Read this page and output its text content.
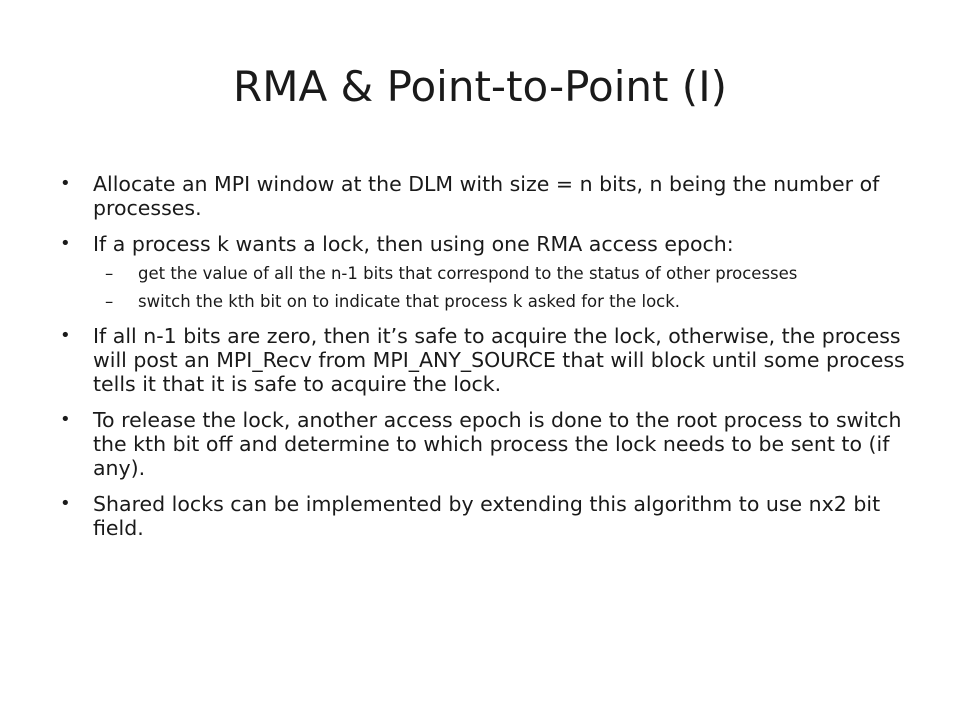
RMA & Point-to-Point (I)
• Allocate an MPI window at the DLM with size = n bits, n being the number of processes.
• If a process k wants a lock, then using one RMA access epoch:
– get the value of all the n-1 bits that correspond to the status of other processes
– switch the kth bit on to indicate that process k asked for the lock.
• If all n-1 bits are zero, then it’s safe to acquire the lock, otherwise, the process will post an MPI_Recv from MPI_ANY_SOURCE that will block until some process tells it that it is safe to acquire the lock.
• To release the lock, another access epoch is done to the root process to switch the kth bit off and determine to which process the lock needs to be sent to (if any).
• Shared locks can be implemented by extending this algorithm to use nx2 bit field.
